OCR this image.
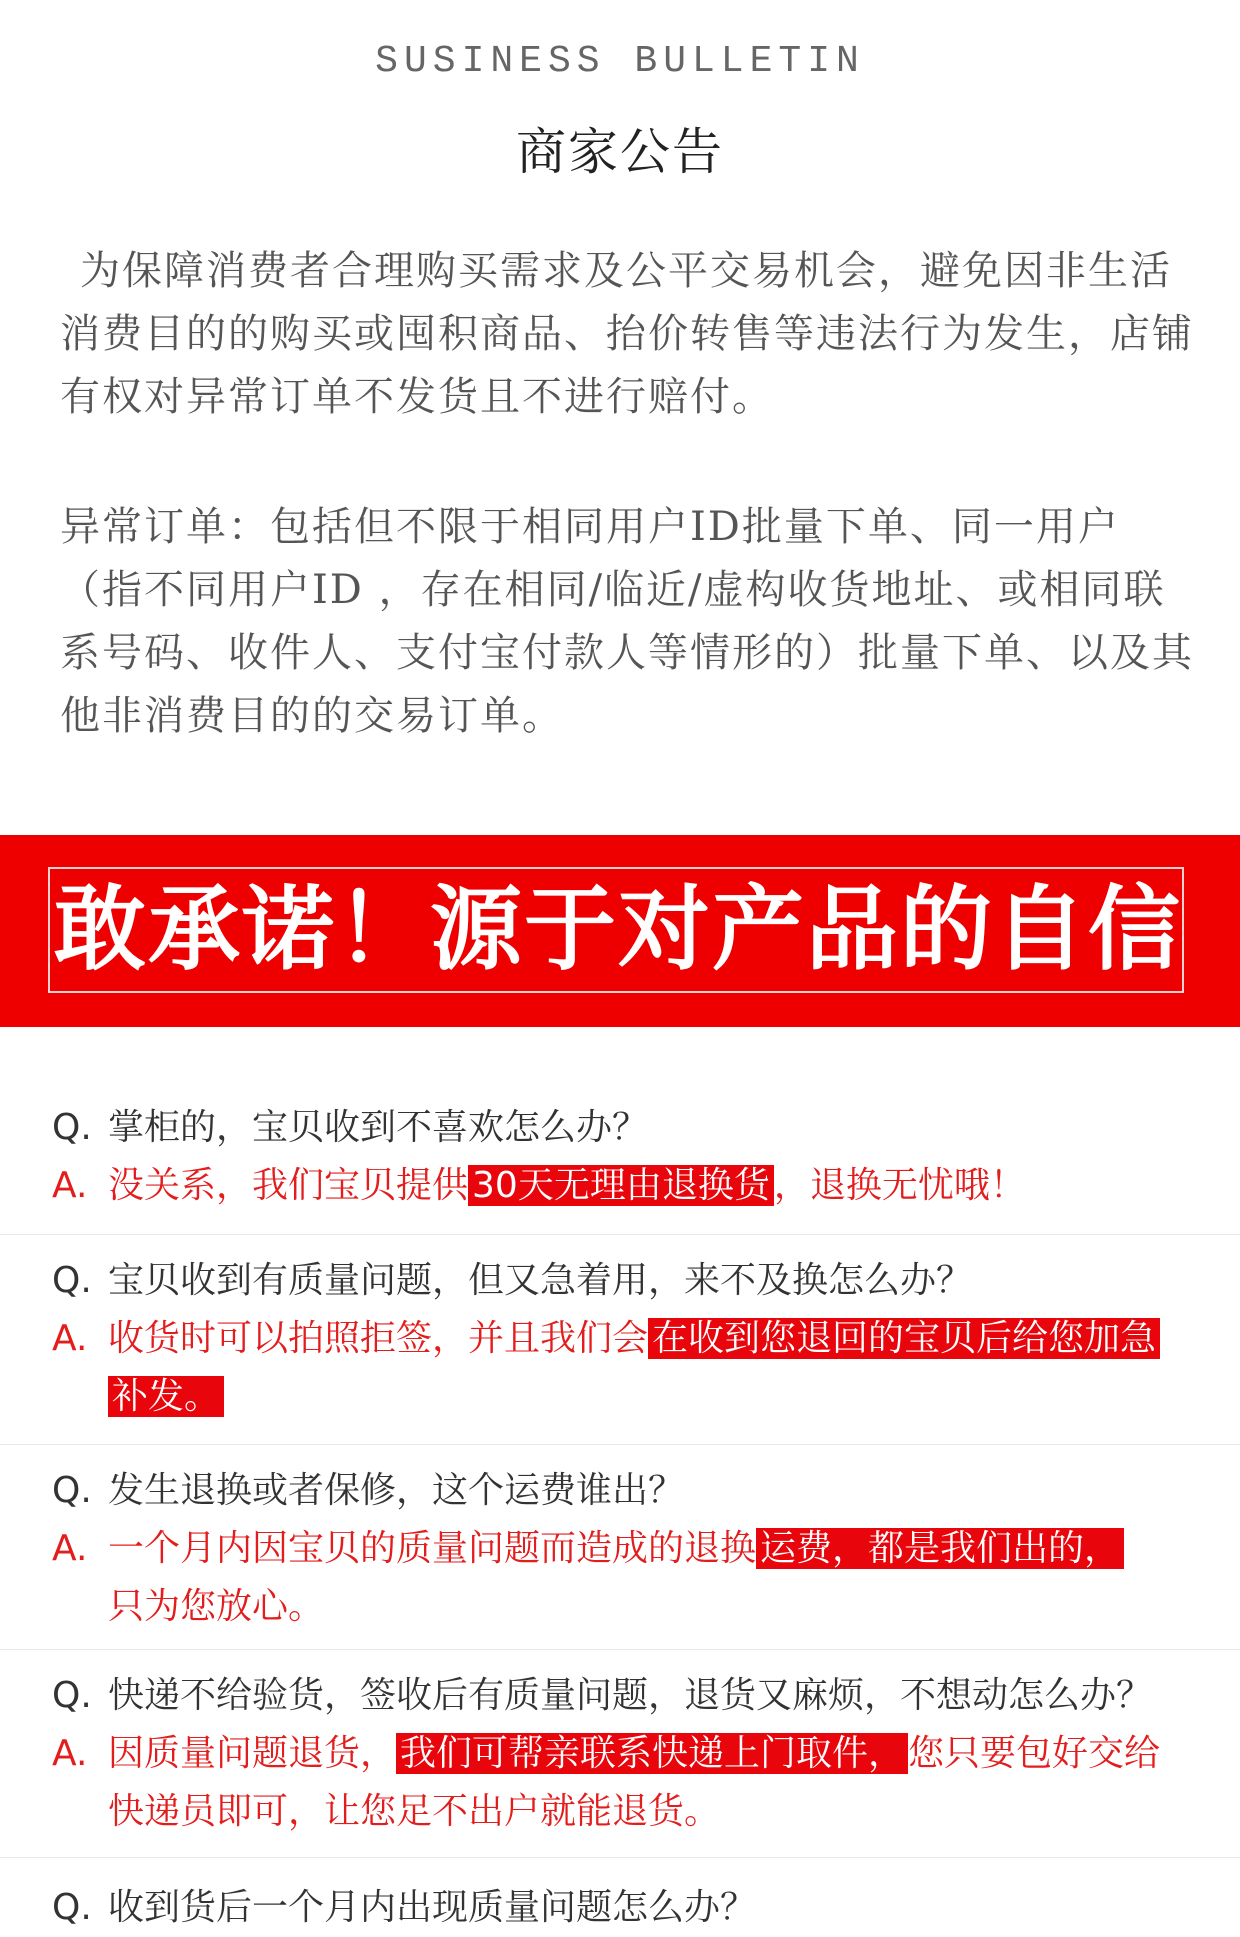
SUSINESS BULLETIN
商家公告
为保障消费者合理购买需求及公平交易机会，避免因非生活消费目的的购买或囤积商品、抬价转售等违法行为发生，店铺有权对异常订单不发货且不进行赔付。
异常订单：包括但不限于相同用户ID批量下单、同一用户（指不同用户ID ，存在相同/临近/虚构收货地址、或相同联系号码、收件人、支付宝付款人等情形的）批量下单、以及其他非消费目的的交易订单。
敢承诺！源于对产品的自信
Q. 掌柜的，宝贝收到不喜欢怎么办？
A. 没关系，我们宝贝提供 30天无理由退换货 ，退换无忧哦！
Q. 宝贝收到有质量问题，但又急着用，来不及换怎么办？
A. 收货时可以拍照拒签，并且我们会 在收到您退回的宝贝后给您加急
补发。
Q. 发生退换或者保修，这个运费谁出？
A. 一个月内因宝贝的质量问题而造成的退换 运费，都是我们出的，
只为您放心。
Q. 快递不给验货，签收后有质量问题，退货又麻烦，不想动怎么办？
A. 因质量问题退货， 我们可帮亲联系快递上门取件， 您只要包好交给
快递员即可，让您足不出户就能退货。
Q. 收到货后一个月内出现质量问题怎么办？
